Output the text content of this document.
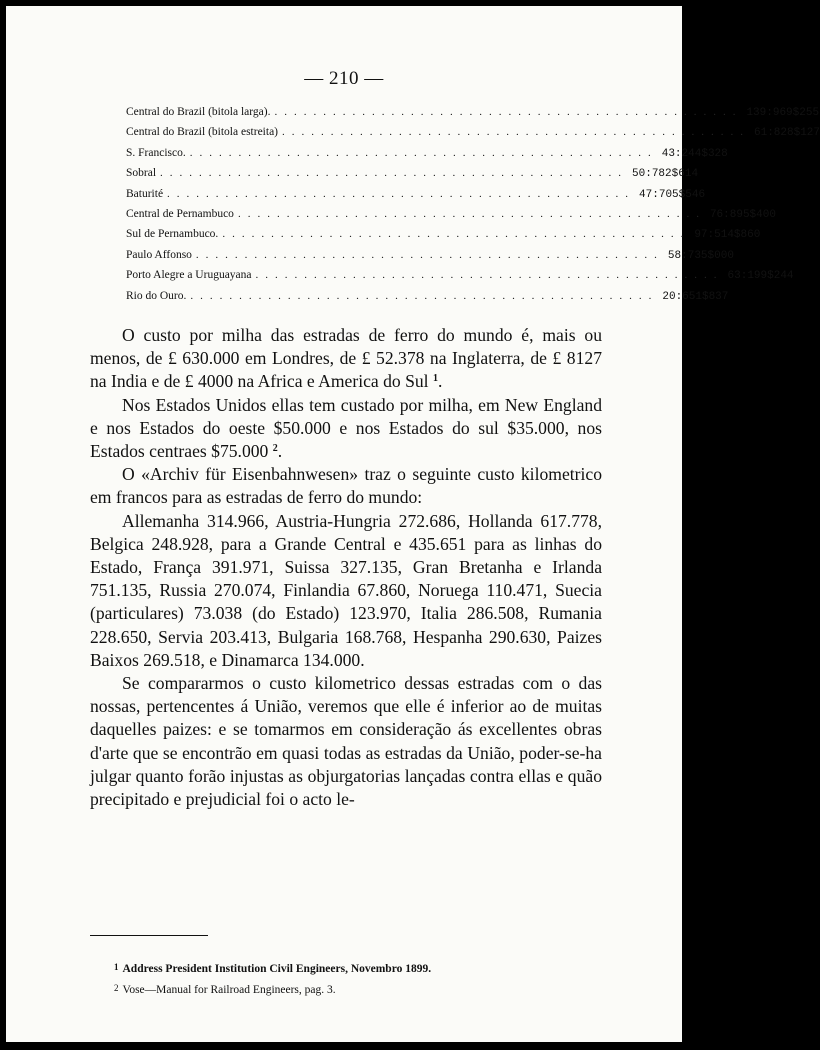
— 210 —
Central do Brazil (bitola larga). ................................................ 139:969$255
Central do Brazil (bitola estreita) ................................................ 61:828$127
S. Francisco. ................................................ 43:244$328
Sobral ................................................ 50:782$614
Baturité ................................................ 47:705$546
Central de Pernambuco ................................................ 76:895$400
Sul de Pernambuco. ................................................ 97:514$860
Paulo Affonso ................................................ 58:735$000
Porto Alegre a Uruguayana ................................................ 63:199$244
Rio do Ouro. ................................................ 20:651$837

O custo por milha das estradas de ferro do mundo é, mais ou menos, de £ 630.000 em Londres, de £ 52.378 na Inglaterra, de £ 8127 na India e de £ 4000 na Africa e America do Sul $^1$.

Nos Estados Unidos ellas tem custado por milha, em New England e nos Estados do oeste $50.000 e nos Estados do sul $35.000, nos Estados centraes $75.000 $^2$.

O «Archiv für Eisenbahnwesen» traz o seguinte custo kilometrico em francos para as estradas de ferro do mundo:

Allemanha 314.966, Austria-Hungria 272.686, Hollanda 617.778, Belgica 248.928, para a Grande Central e 435.651 para as linhas do Estado, França 391.971, Suissa 327.135, Gran Bretanha e Irlanda 751.135, Russia 270.074, Finlandia 67.860, Noruega 110.471, Suecia (particulares) 73.038 (do Estado) 123.970, Italia 286.508, Rumania 228.650, Servia 203.413, Bulgaria 168.768, Hespanha 290.630, Paizes Baixos 269.518, e Dinamarca 134.000.

Se compararmos o custo kilometrico dessas estradas com o das nossas, pertencentes á União, veremos que elle é inferior ao de muitas daquelles paizes: e se tomarmos em consideração ás excellentes obras d'arte que se encontrão em quasi todas as estradas da União, poder-se-ha julgar quanto forão injustas as objurgatorias lançadas contra ellas e quão precipitado e prejudicial foi o acto le-

1 Address President Institution Civil Engineers, Novembro 1899.
2 Vose—Manual for Railroad Engineers, pag. 3.
